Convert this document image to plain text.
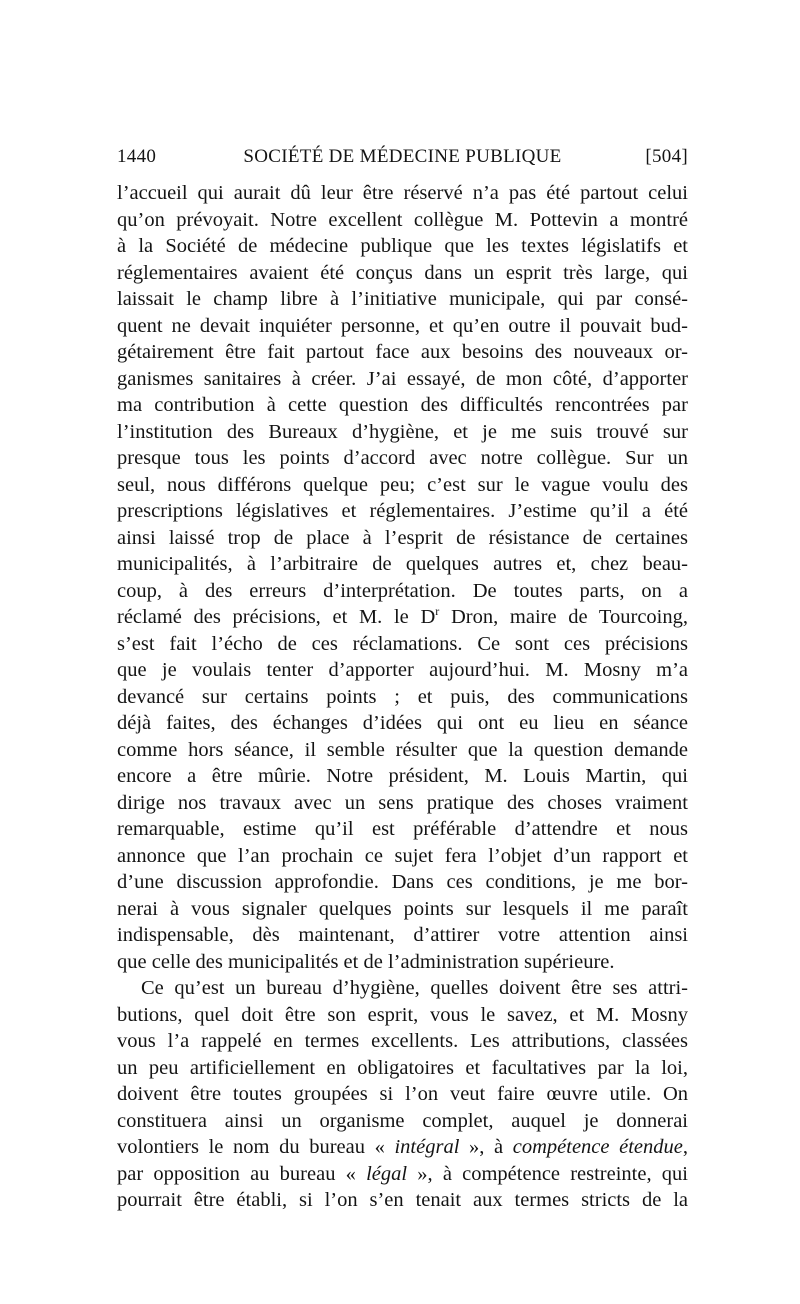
1440	SOCIÉTÉ DE MÉDECINE PUBLIQUE	[504]
l’accueil qui aurait dû leur être réservé n’a pas été partout celui
qu’on prévoyait. Notre excellent collègue M. Pottevin a montré
à la Société de médecine publique que les textes législatifs et
réglementaires avaient été conçus dans un esprit très large, qui
laissait le champ libre à l’initiative municipale, qui par consé-
quent ne devait inquiéter personne, et qu’en outre il pouvait bud-
gétairement être fait partout face aux besoins des nouveaux or-
ganismes sanitaires à créer. J’ai essayé, de mon côté, d’apporter
ma contribution à cette question des difficultés rencontrées par
l’institution des Bureaux d’hygiène, et je me suis trouvé sur
presque tous les points d’accord avec notre collègue. Sur un
seul, nous différons quelque peu; c’est sur le vague voulu des
prescriptions législatives et réglementaires. J’estime qu’il a été
ainsi laissé trop de place à l’esprit de résistance de certaines
municipalités, à l’arbitraire de quelques autres et, chez beau-
coup, à des erreurs d’interprétation. De toutes parts, on a
réclamé des précisions, et M. le $D^r$ Dron, maire de Tourcoing,
s’est fait l’écho de ces réclamations. Ce sont ces précisions
que je voulais tenter d’apporter aujourd’hui. M. Mosny m’a
devancé sur certains points ; et puis, des communications
déjà faites, des échanges d’idées qui ont eu lieu en séance
comme hors séance, il semble résulter que la question demande
encore a être mûrie. Notre président, M. Louis Martin, qui
dirige nos travaux avec un sens pratique des choses vraiment
remarquable, estime qu’il est préférable d’attendre et nous
annonce que l’an prochain ce sujet fera l’objet d’un rapport et
d’une discussion approfondie. Dans ces conditions, je me bor-
nerai à vous signaler quelques points sur lesquels il me paraît
indispensable, dès maintenant, d’attirer votre attention ainsi
que celle des municipalités et de l’administration supérieure.
Ce qu’est un bureau d’hygiène, quelles doivent être ses attri-
butions, quel doit être son esprit, vous le savez, et M. Mosny
vous l’a rappelé en termes excellents. Les attributions, classées
un peu artificiellement en obligatoires et facultatives par la loi,
doivent être toutes groupées si l’on veut faire œuvre utile. On
constituera ainsi un organisme complet, auquel je donnerai
volontiers le nom du bureau « intégral », à compétence étendue,
par opposition au bureau « légal », à compétence restreinte, qui
pourrait être établi, si l’on s’en tenait aux termes stricts de la
